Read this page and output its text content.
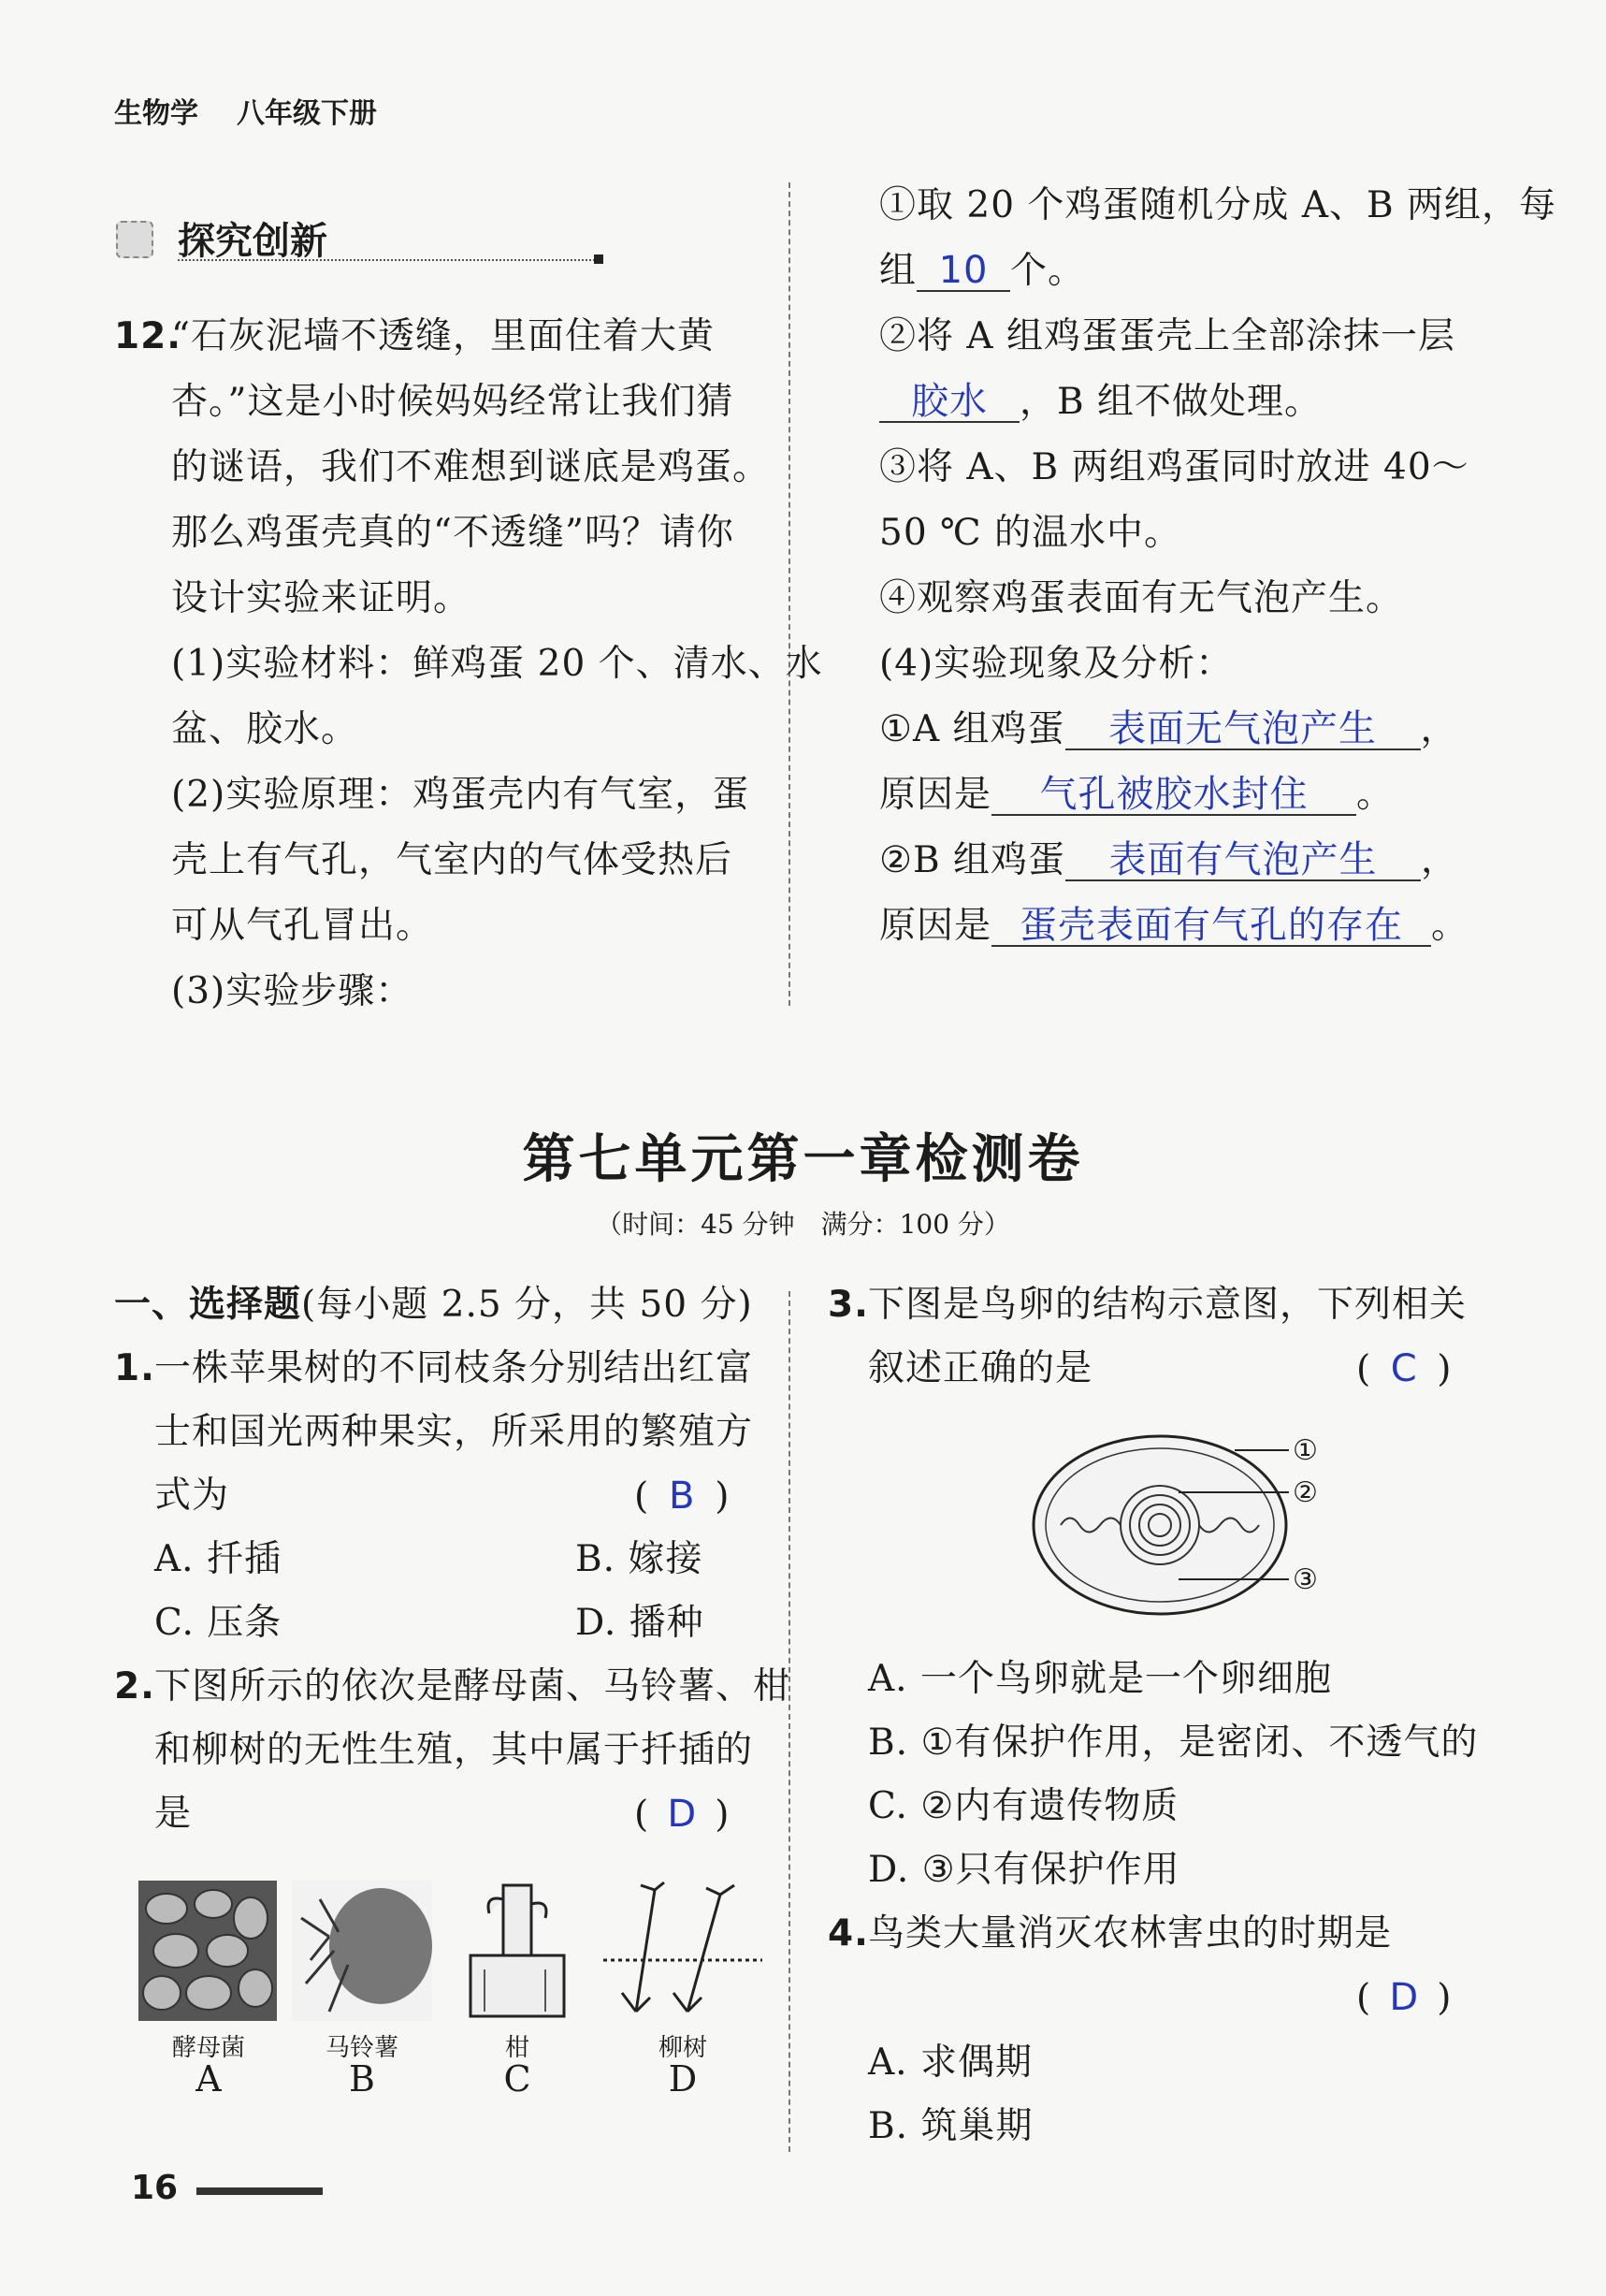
生物学 八年级下册
探究创新
12.
“石灰泥墙不透缝，里面住着大黄
杏。”这是小时候妈妈经常让我们猜
的谜语，我们不难想到谜底是鸡蛋。
那么鸡蛋壳真的“不透缝”吗？请你
设计实验来证明。
(1)实验材料：鲜鸡蛋 20 个、清水、水
盆、胶水。
(2)实验原理：鸡蛋壳内有气室，蛋
壳上有气孔，气室内的气体受热后
可从气孔冒出。
(3)实验步骤：
①取 20 个鸡蛋随机分成 A、B 两组，每
组 10 个。
②将 A 组鸡蛋蛋壳上全部涂抹一层
胶水 ，B 组不做处理。
③将 A、B 两组鸡蛋同时放进 40～
50 ℃ 的温水中。
④观察鸡蛋表面有无气泡产生。
(4)实验现象及分析：
①A 组鸡蛋 表面无气泡产生 ，
原因是 气孔被胶水封住 。
②B 组鸡蛋 表面有气泡产生 ，
原因是 蛋壳表面有气孔的存在 。
第七单元第一章检测卷
（时间：45 分钟　满分：100 分）
一、选择题(每小题 2.5 分，共 50 分)
1. 一株苹果树的不同枝条分别结出红富
士和国光两种果实，所采用的繁殖方
式为	( B )
A. 扦插	B. 嫁接
C. 压条	D. 播种
2. 下图所示的依次是酵母菌、马铃薯、柑
和柳树的无性生殖，其中属于扦插的
是	( D )
酵母菌	马铃薯	柑	柳树
A	B	C	D
3. 下图是鸟卵的结构示意图，下列相关
叙述正确的是	( C )
①
②
③
A. 一个鸟卵就是一个卵细胞
B. ①有保护作用，是密闭、不透气的
C. ②内有遗传物质
D. ③只有保护作用
4. 鸟类大量消灭农林害虫的时期是
( D )
A. 求偶期
B. 筑巢期
16
